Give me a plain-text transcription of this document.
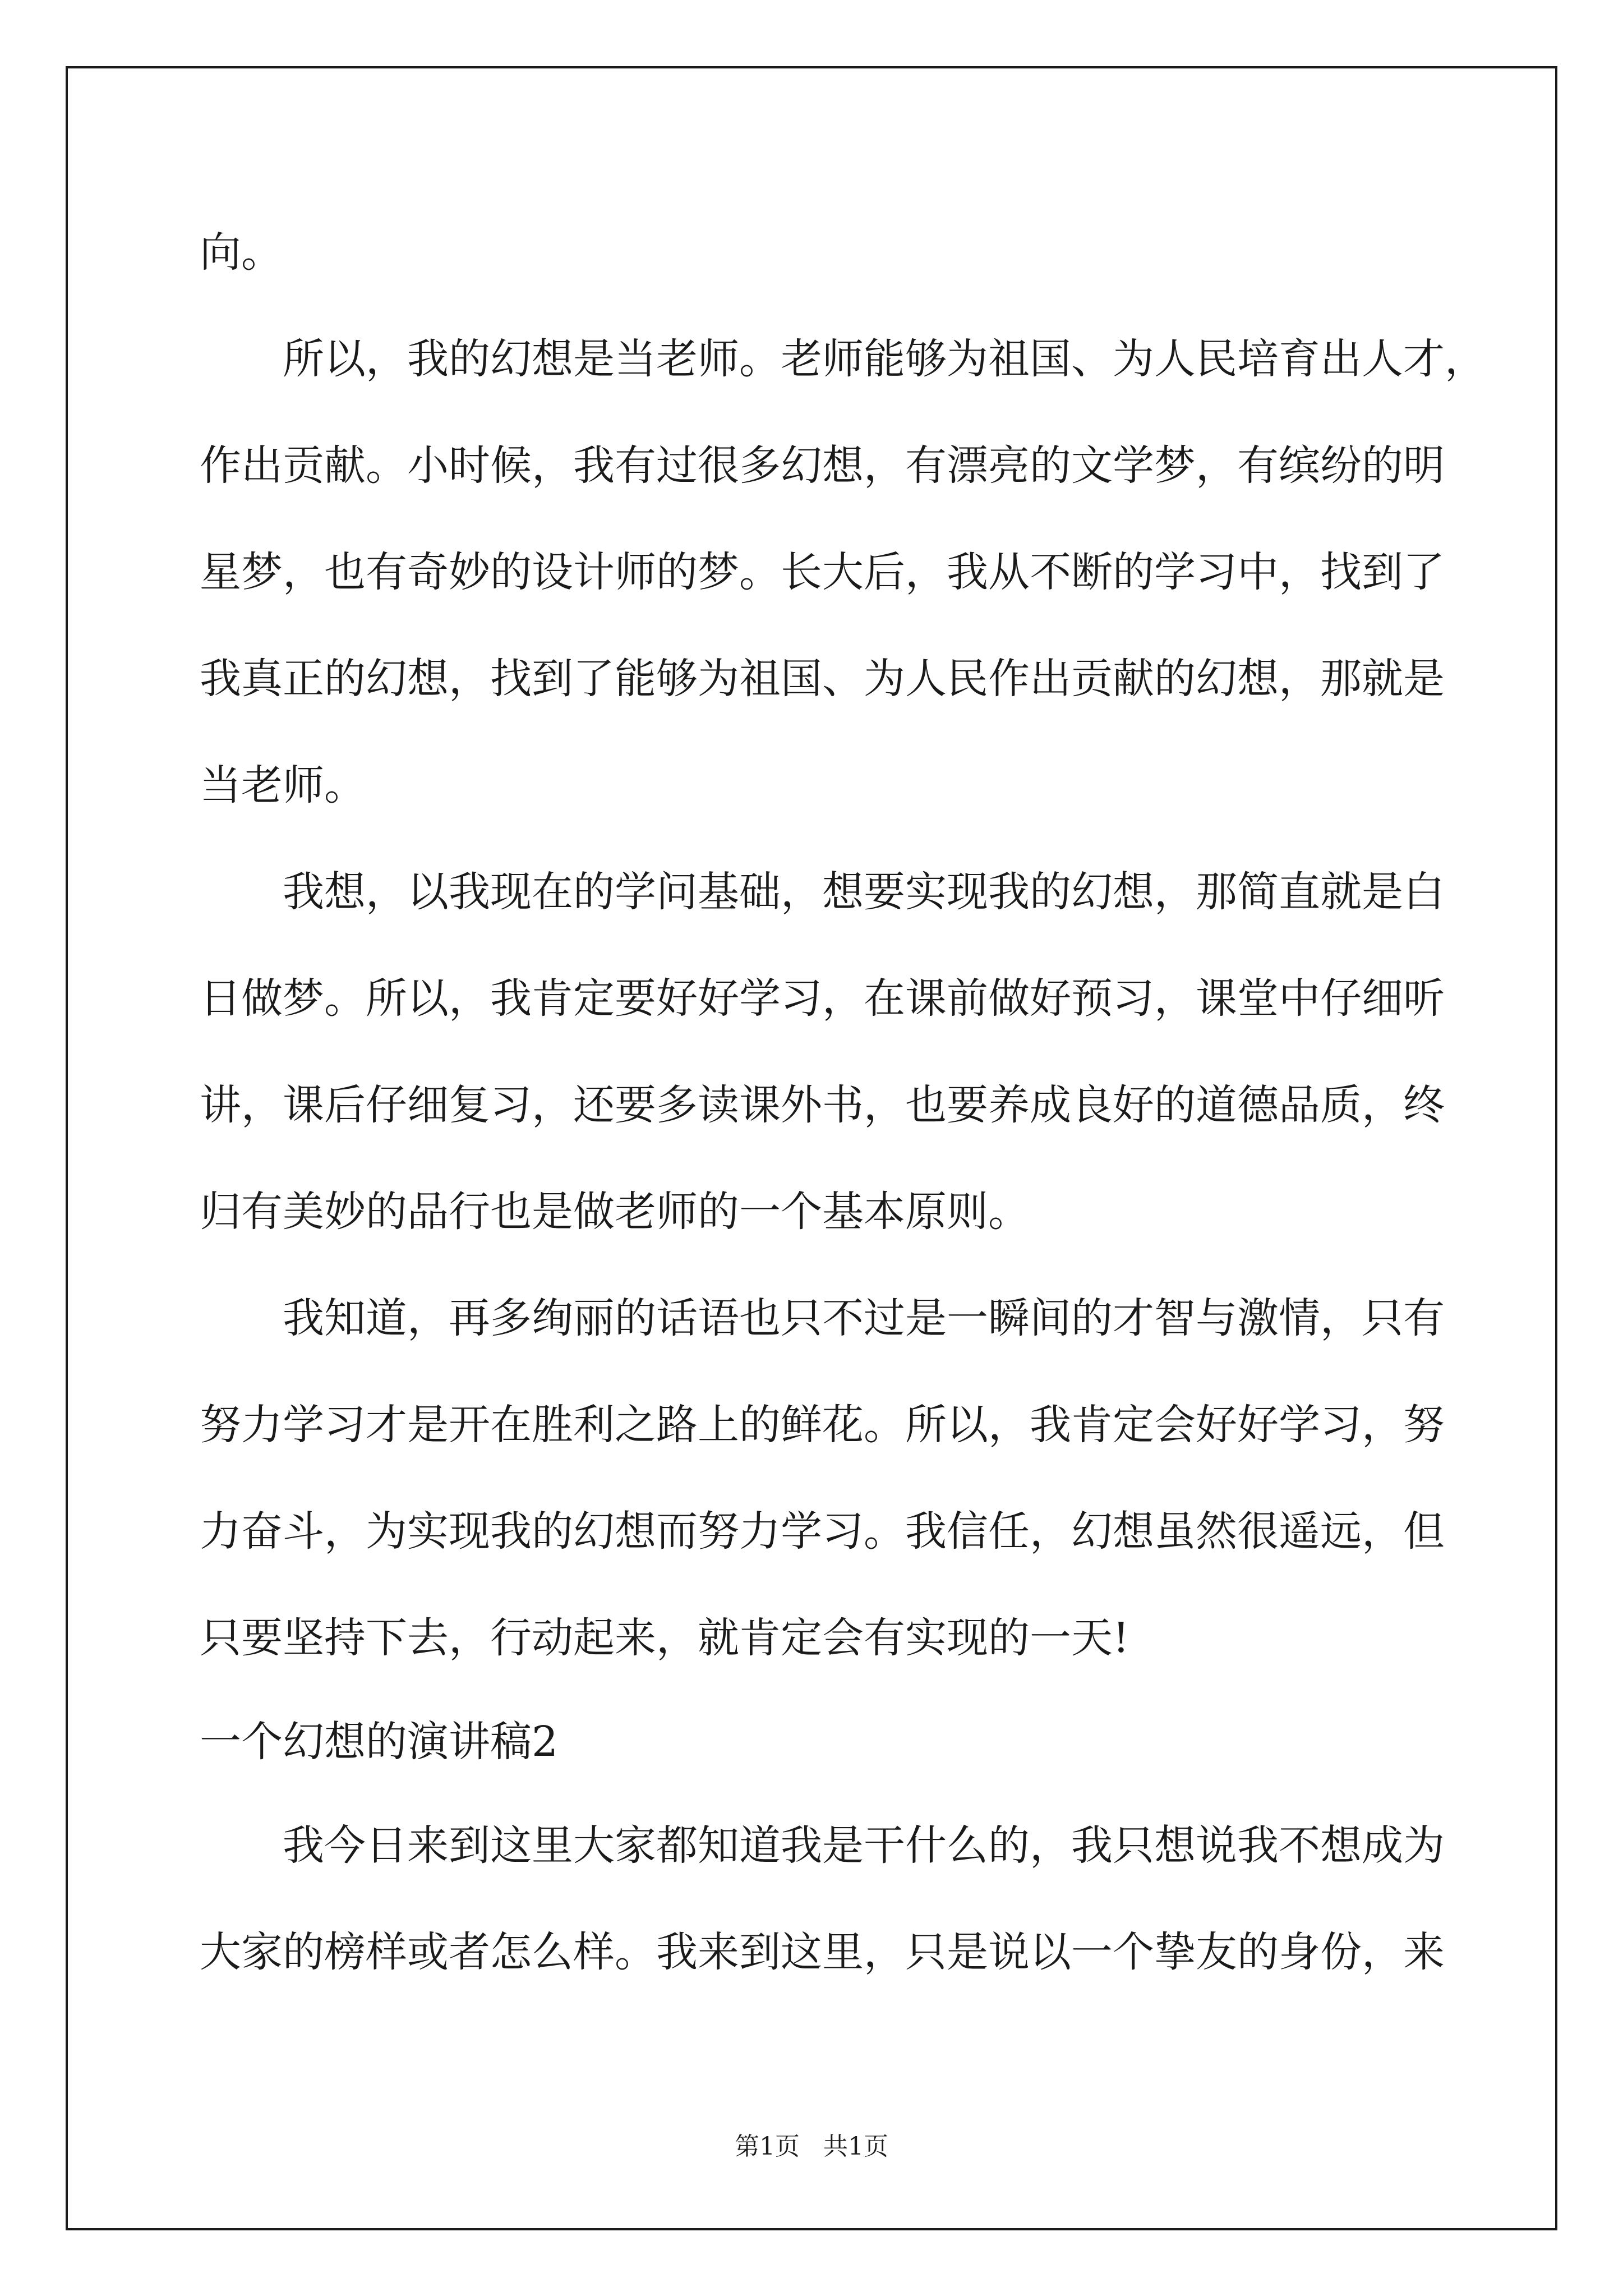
向。
所以，我的幻想是当老师。老师能够为祖国、为人民培育出人才，
作出贡献。小时候，我有过很多幻想，有漂亮的文学梦，有缤纷的明
星梦，也有奇妙的设计师的梦。长大后，我从不断的学习中，找到了
我真正的幻想，找到了能够为祖国、为人民作出贡献的幻想，那就是
当老师。
我想，以我现在的学问基础，想要实现我的幻想，那简直就是白
日做梦。所以，我肯定要好好学习，在课前做好预习，课堂中仔细听
讲，课后仔细复习，还要多读课外书，也要养成良好的道德品质，终
归有美妙的品行也是做老师的一个基本原则。
我知道，再多绚丽的话语也只不过是一瞬间的才智与激情，只有
努力学习才是开在胜利之路上的鲜花。所以，我肯定会好好学习，努
力奋斗，为实现我的幻想而努力学习。我信任，幻想虽然很遥远，但
只要坚持下去，行动起来，就肯定会有实现的一天!
一个幻想的演讲稿2
我今日来到这里大家都知道我是干什么的，我只想说我不想成为
大家的榜样或者怎么样。我来到这里，只是说以一个挚友的身份，来
第1页 共1页
